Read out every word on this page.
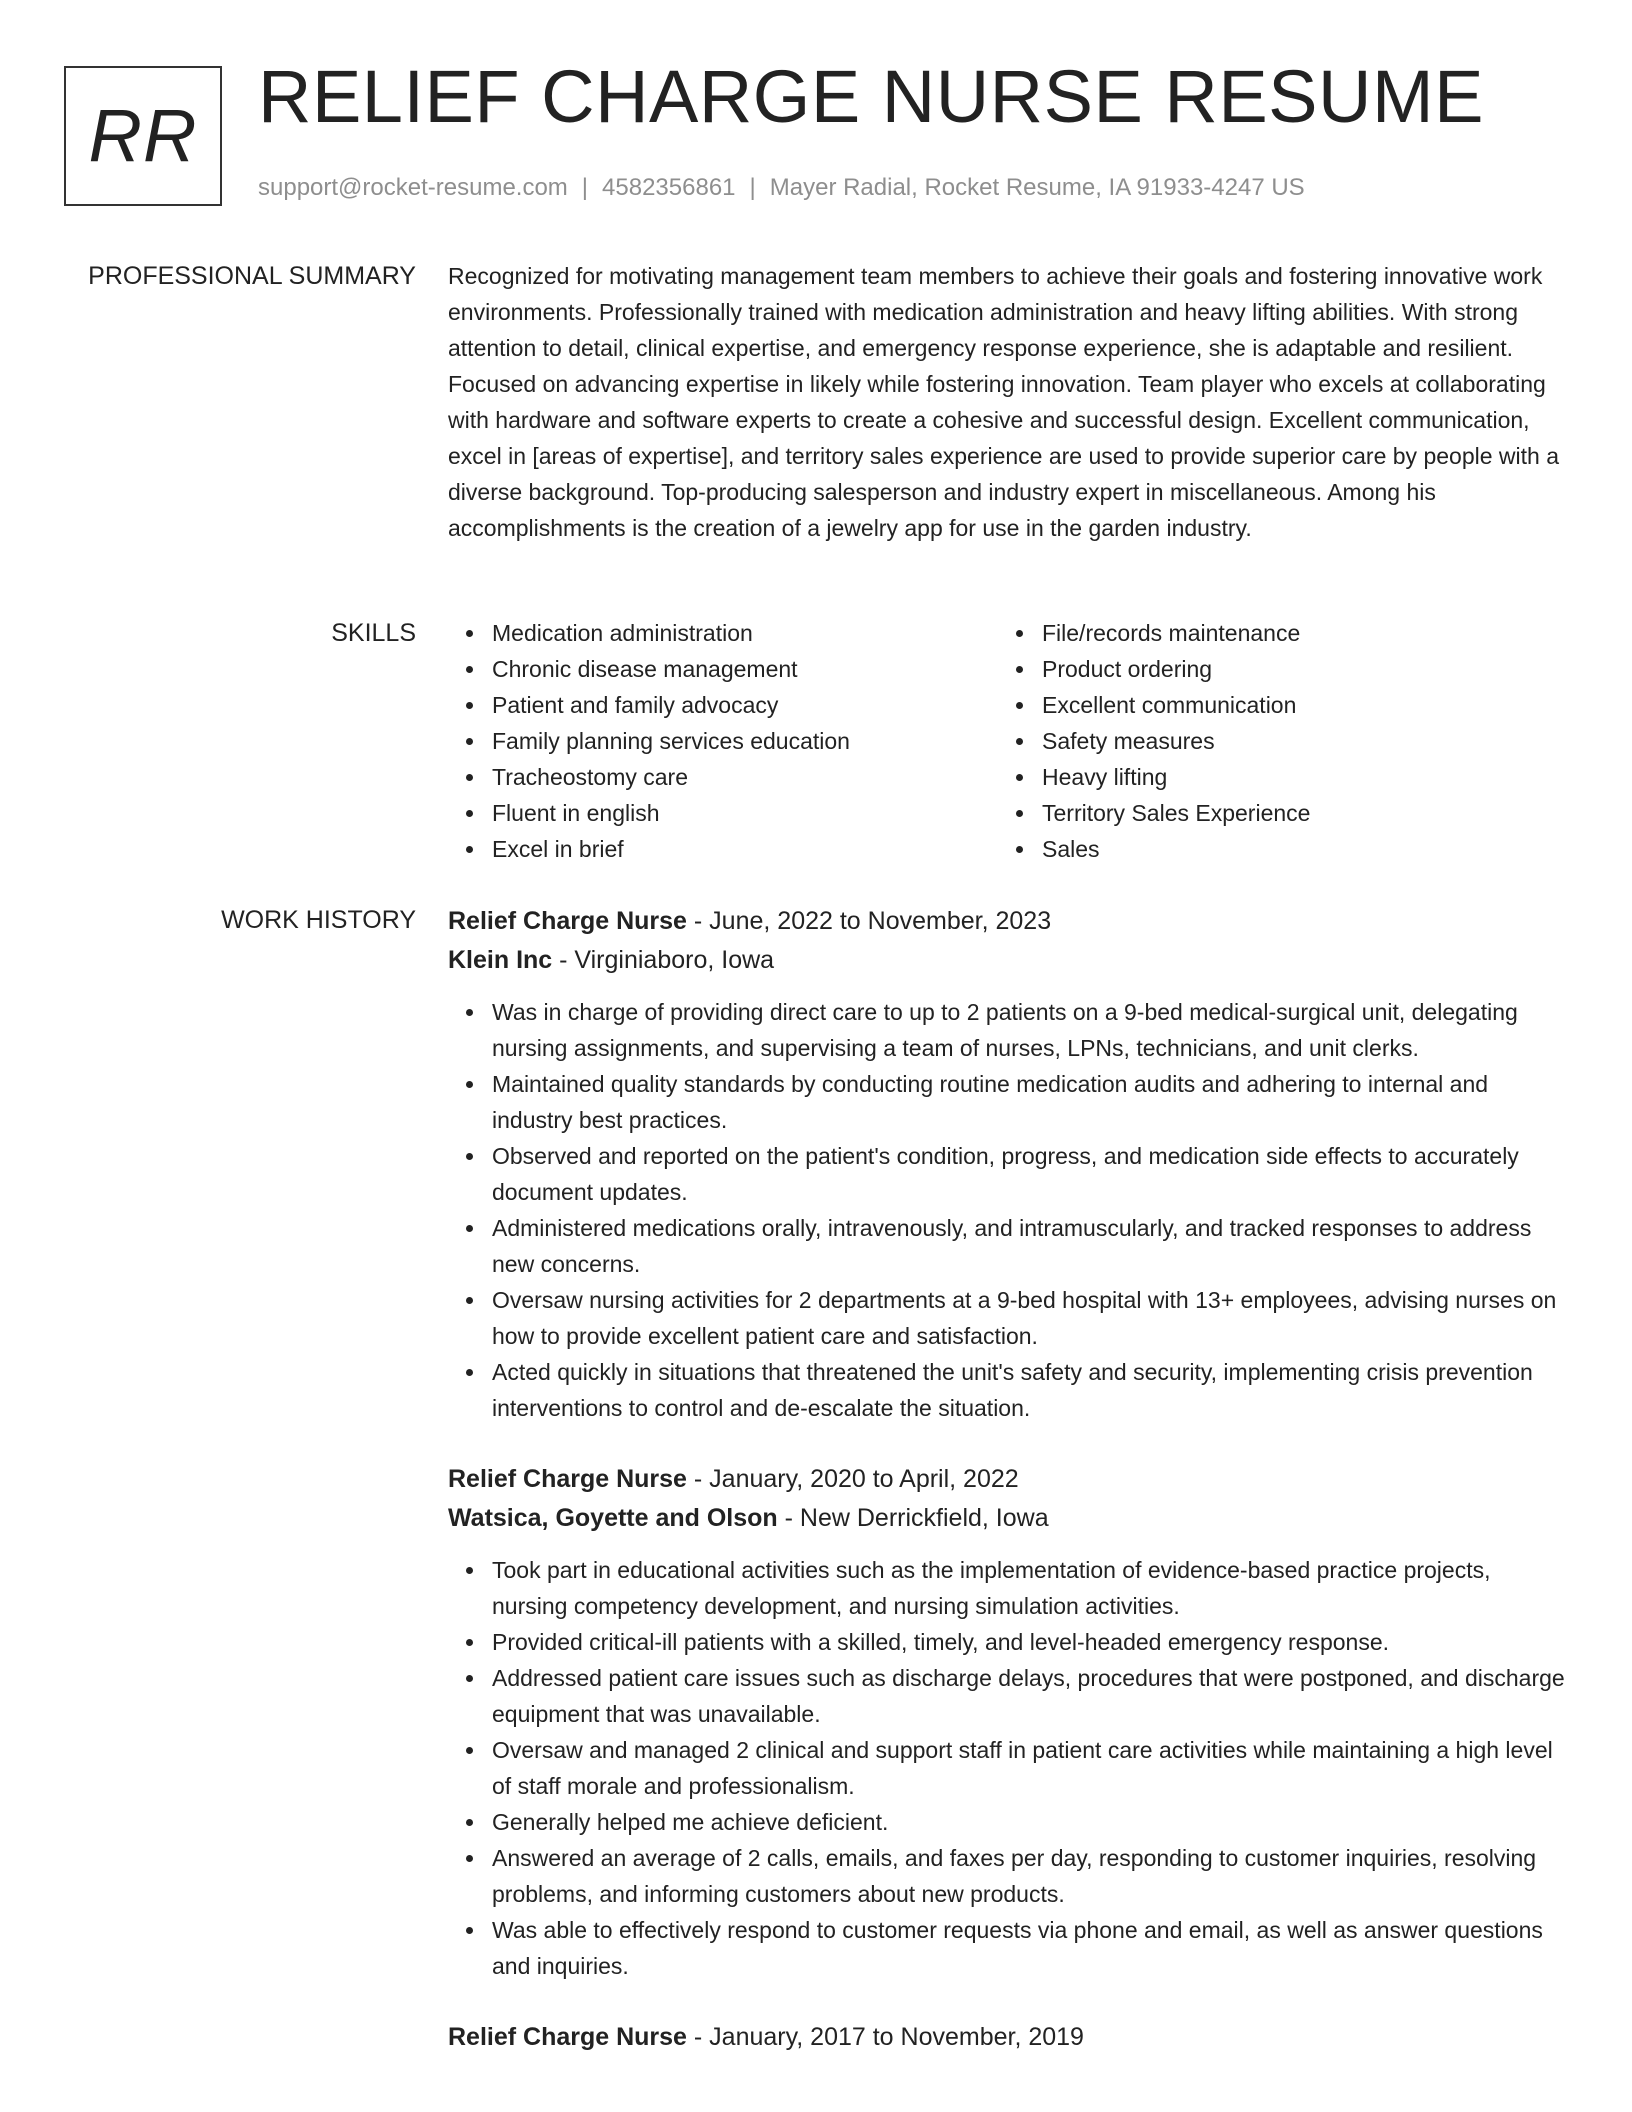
RR RELIEF CHARGE NURSE RESUME
support@rocket-resume.com | 4582356861 | Mayer Radial, Rocket Resume, IA 91933-4247 US
PROFESSIONAL SUMMARY Recognized for motivating management team members to achieve their goals and fostering innovative work environments. Professionally trained with medication administration and heavy lifting abilities. With strong attention to detail, clinical expertise, and emergency response experience, she is adaptable and resilient. Focused on advancing expertise in likely while fostering innovation. Team player who excels at collaborating with hardware and software experts to create a cohesive and successful design. Excellent communication, excel in [areas of expertise], and territory sales experience are used to provide superior care by people with a diverse background. Top-producing salesperson and industry expert in miscellaneous. Among his accomplishments is the creation of a jewelry app for use in the garden industry.

SKILLS	Medication administration
Chronic disease management
Patient and family advocacy
Family planning services education
Tracheostomy care
Fluent in english
Excel in brief
File/records maintenance
Product ordering
Excellent communication
Safety measures
Heavy lifting
Territory Sales Experience
Sales
WORK HISTORY Relief Charge Nurse - June, 2022 to November, 2023
Klein Inc - Virginiaboro, Iowa
Was in charge of providing direct care to up to 2 patients on a 9-bed medical-surgical unit, delegating nursing assignments, and supervising a team of nurses, LPNs, technicians, and unit clerks.
Maintained quality standards by conducting routine medication audits and adhering to internal and industry best practices.
Observed and reported on the patient's condition, progress, and medication side effects to accurately document updates.
Administered medications orally, intravenously, and intramuscularly, and tracked responses to address new concerns.
Oversaw nursing activities for 2 departments at a 9-bed hospital with 13+ employees, advising nurses on how to provide excellent patient care and satisfaction.
Acted quickly in situations that threatened the unit's safety and security, implementing crisis prevention interventions to control and de-escalate the situation.
Relief Charge Nurse - January, 2020 to April, 2022
Watsica, Goyette and Olson - New Derrickfield, Iowa
Took part in educational activities such as the implementation of evidence-based practice projects, nursing competency development, and nursing simulation activities.
Provided critical-ill patients with a skilled, timely, and level-headed emergency response.
Addressed patient care issues such as discharge delays, procedures that were postponed, and discharge equipment that was unavailable.
Oversaw and managed 2 clinical and support staff in patient care activities while maintaining a high level of staff morale and professionalism.
Generally helped me achieve deficient.
Answered an average of 2 calls, emails, and faxes per day, responding to customer inquiries, resolving problems, and informing customers about new products.
Was able to effectively respond to customer requests via phone and email, as well as answer questions and inquiries.
Relief Charge Nurse - January, 2017 to November, 2019
